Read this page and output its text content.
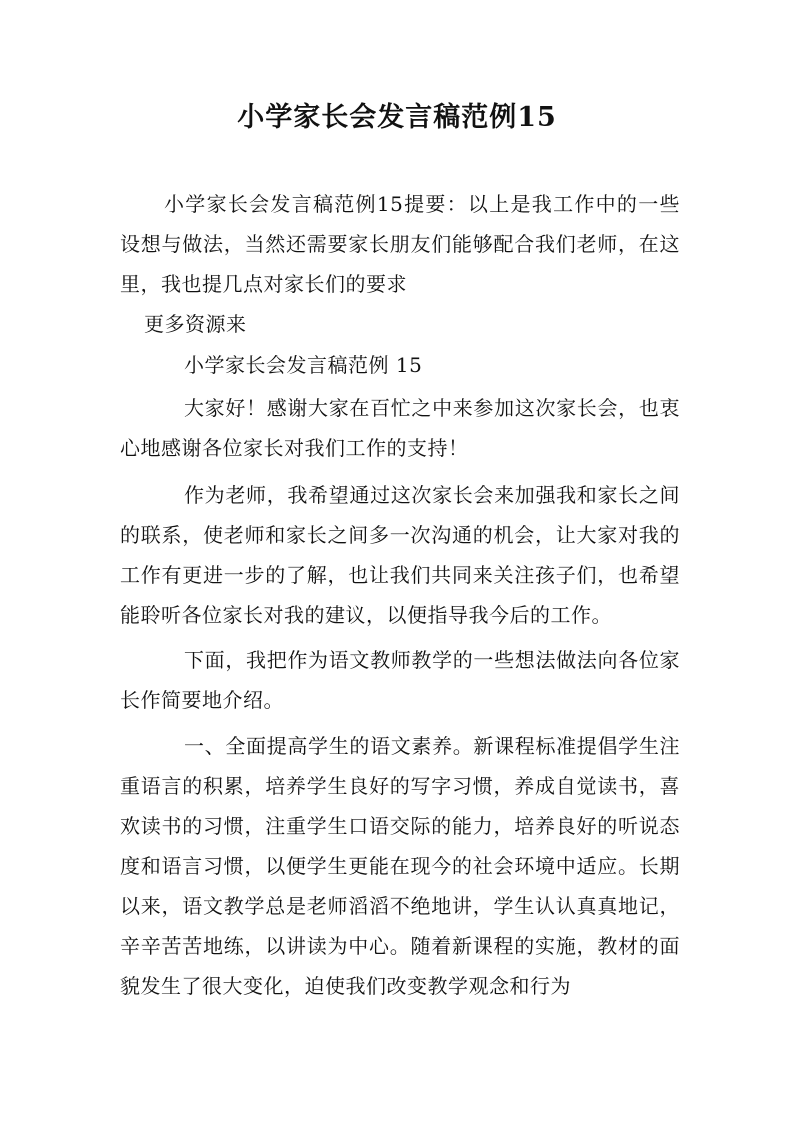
小学家长会发言稿范例15
小学家长会发言稿范例15提要：以上是我工作中的一些设想与做法，当然还需要家长朋友们能够配合我们老师，在这里，我也提几点对家长们的要求
更多资源来
小学家长会发言稿范例 15
大家好！感谢大家在百忙之中来参加这次家长会，也衷心地感谢各位家长对我们工作的支持！
作为老师，我希望通过这次家长会来加强我和家长之间的联系，使老师和家长之间多一次沟通的机会，让大家对我的工作有更进一步的了解，也让我们共同来关注孩子们，也希望能聆听各位家长对我的建议，以便指导我今后的工作。
下面，我把作为语文教师教学的一些想法做法向各位家长作简要地介绍。
一、全面提高学生的语文素养。新课程标准提倡学生注重语言的积累，培养学生良好的写字习惯，养成自觉读书，喜欢读书的习惯，注重学生口语交际的能力，培养良好的听说态度和语言习惯，以便学生更能在现今的社会环境中适应。长期以来，语文教学总是老师滔滔不绝地讲，学生认认真真地记，辛辛苦苦地练，以讲读为中心。随着新课程的实施，教材的面貌发生了很大变化，迫使我们改变教学观念和行为
